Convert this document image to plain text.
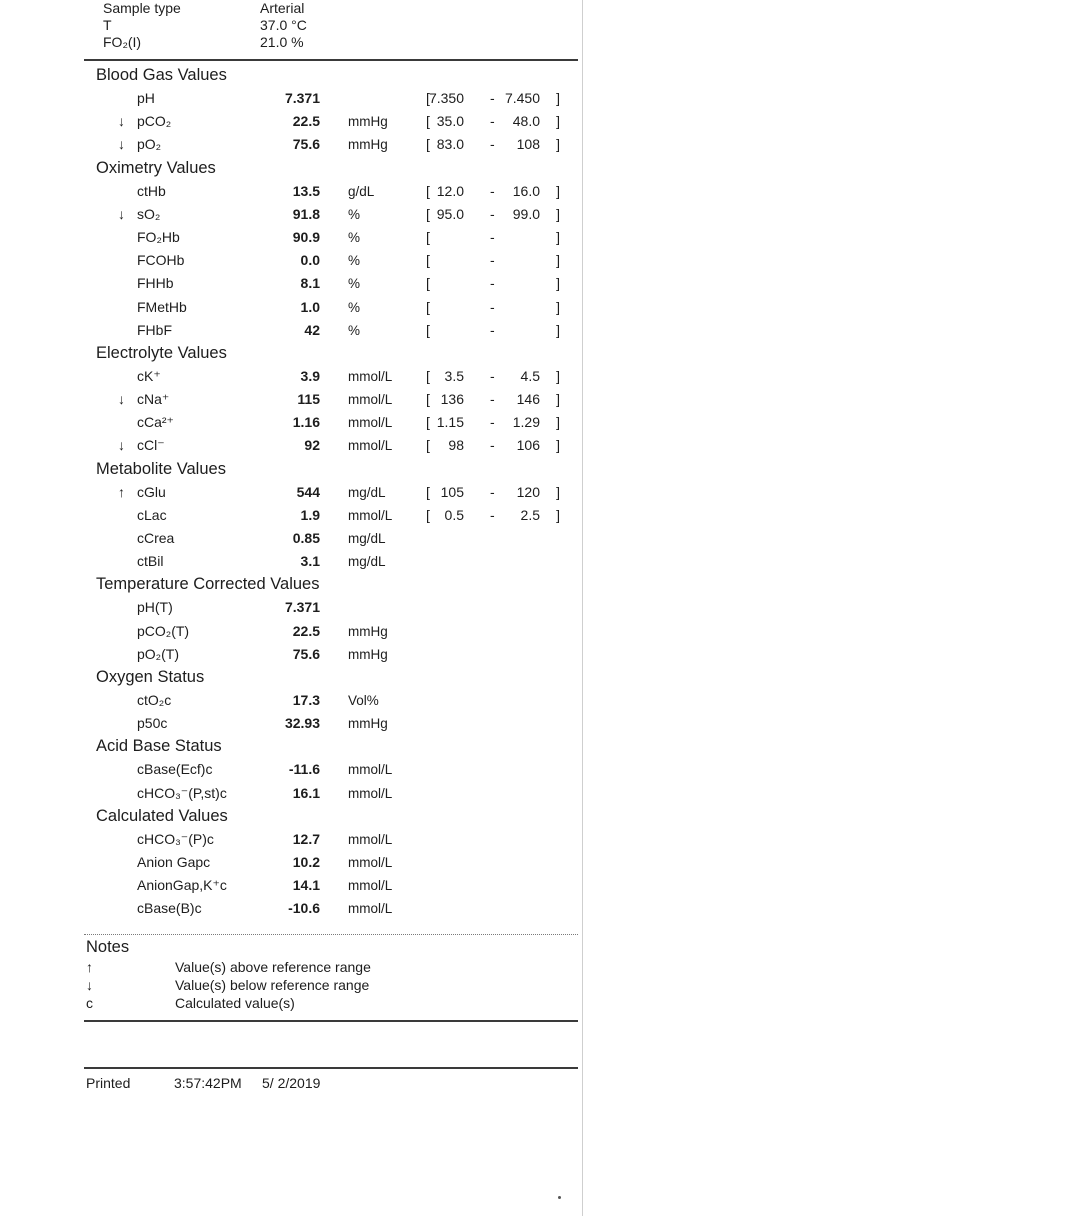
Sample type	Arterial
T	37.0 °C
FO₂(I)	21.0 %
Blood Gas Values
pH	7.371	[ 7.350 - 7.450 ]
↓ pCO₂	22.5 mmHg	[ 35.0 - 48.0 ]
↓ pO₂	75.6 mmHg	[ 83.0 - 108 ]
Oximetry Values
ctHb	13.5 g/dL	[ 12.0 - 16.0 ]
↓ sO₂	91.8 %	[ 95.0 - 99.0 ]
FO₂Hb	90.9 %	[	-	]
FCOHb	0.0 %	[	-	]
FHHb	8.1 %	[	-	]
FMetHb	1.0 %	[	-	]
FHbF	42 %	[	-	]
Electrolyte Values
cK⁺	3.9 mmol/L [ 3.5 - 4.5 ]
↓ cNa⁺	115 mmol/L [ 136 - 146 ]
cCa²⁺	1.16 mmol/L [ 1.15 - 1.29 ]
↓ cCl⁻	92 mmol/L [ 98 - 106 ]
Metabolite Values
↑ cGlu	544 mg/dL	[ 105 - 120 ]
cLac	1.9 mmol/L [ 0.5 - 2.5 ]
cCrea	0.85 mg/dL
ctBil	3.1 mg/dL
Temperature Corrected Values
pH(T)	7.371
pCO₂(T)	22.5 mmHg
pO₂(T)	75.6 mmHg
Oxygen Status
ctO₂c	17.3 Vol%
p50c	32.93 mmHg
Acid Base Status
cBase(Ecf)c	-11.6 mmol/L
cHCO₃⁻(P,st)c	16.1 mmol/L
Calculated Values
cHCO₃⁻(P)c	12.7 mmol/L
Anion Gapc	10.2 mmol/L
AnionGap,K⁺c	14.1 mmol/L
cBase(B)c	-10.6 mmol/L
Notes
↑	Value(s) above reference range
↓	Value(s) below reference range
c	Calculated value(s)
Printed	3:57:42PM 5/ 2/2019
